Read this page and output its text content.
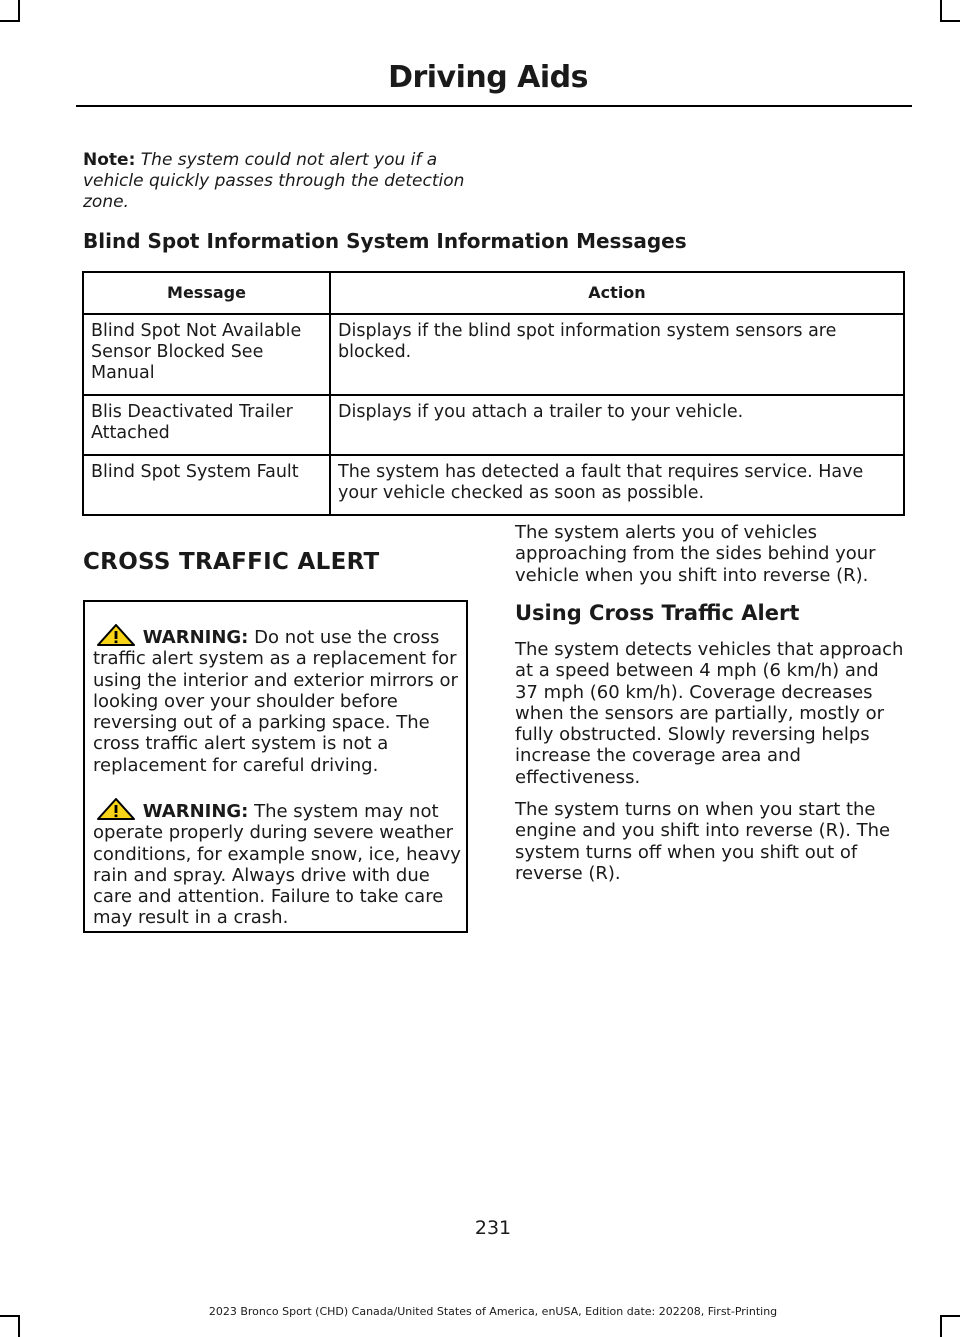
Driving Aids
Note: The system could not alert you if a vehicle quickly passes through the detection zone.
Blind Spot Information System Information Messages
Message	Action
Blind Spot Not Available Sensor Blocked See Manual	Displays if the blind spot information system sensors are blocked.
Blis Deactivated Trailer Attached	Displays if you attach a trailer to your vehicle.
Blind Spot System Fault	The system has detected a fault that requires service. Have your vehicle checked as soon as possible.
CROSS TRAFFIC ALERT
WARNING: Do not use the cross traffic alert system as a replacement for using the interior and exterior mirrors or looking over your shoulder before reversing out of a parking space. The cross traffic alert system is not a replacement for careful driving.
WARNING: The system may not operate properly during severe weather conditions, for example snow, ice, heavy rain and spray. Always drive with due care and attention. Failure to take care may result in a crash.
The system alerts you of vehicles approaching from the sides behind your vehicle when you shift into reverse (R).
Using Cross Traffic Alert
The system detects vehicles that approach at a speed between 4 mph (6 km/h) and 37 mph (60 km/h). Coverage decreases when the sensors are partially, mostly or fully obstructed. Slowly reversing helps increase the coverage area and effectiveness.
The system turns on when you start the engine and you shift into reverse (R). The system turns off when you shift out of reverse (R).
231
2023 Bronco Sport (CHD) Canada/United States of America, enUSA, Edition date: 202208, First-Printing
